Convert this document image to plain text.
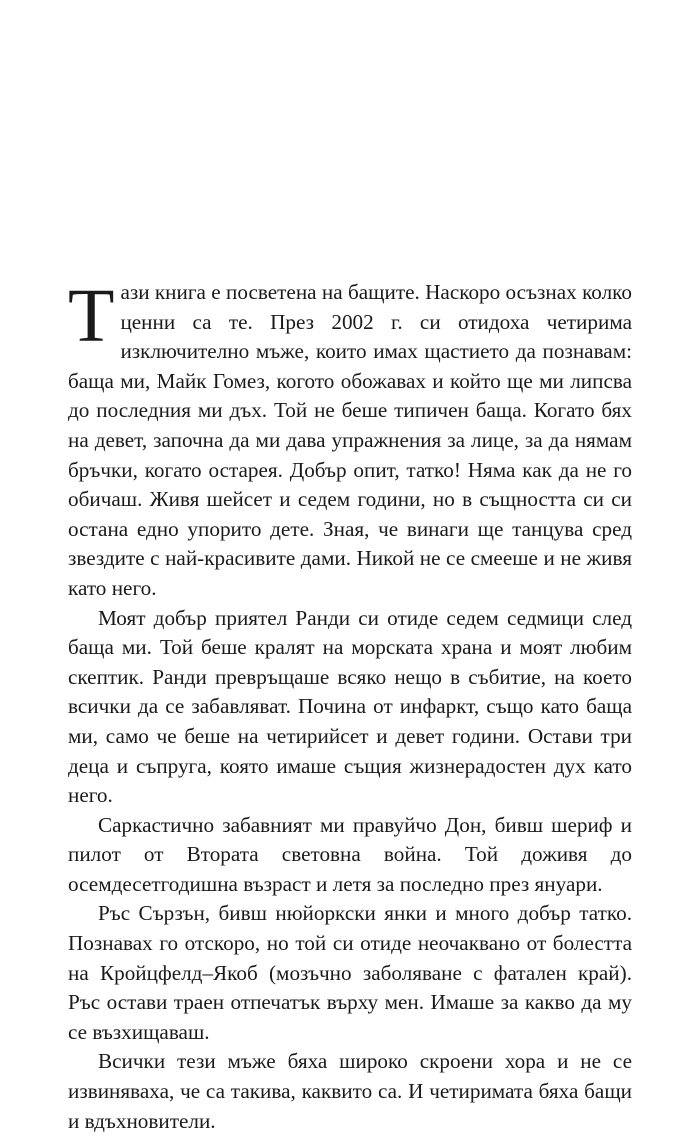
Тази книга е посветена на бащите. Наскоро осъзнах колко ценни са те. През 2002 г. си отидоха четирима изключително мъже, които имах щастието да познавам: баща ми, Майк Гомез, когото обожавах и който ще ми липсва до последния ми дъх. Той не беше типичен баща. Когато бях на девет, започна да ми дава упражнения за лице, за да нямам бръчки, когато остарея. Добър опит, татко! Няма как да не го обичаш. Живя шейсет и седем години, но в същността си си остана едно упорито дете. Зная, че винаги ще танцува сред звездите с най-красивите дами. Никой не се смееше и не живя като него.

Моят добър приятел Ранди си отиде седем седмици след баща ми. Той беше кралят на морската храна и моят любим скептик. Ранди превръщаше всяко нещо в събитие, на което всички да се забавляват. Почина от инфаркт, също като баща ми, само че беше на четирийсет и девет години. Остави три деца и съпруга, която имаше същия жизнерадостен дух като него.

Саркастично забавният ми правуйчо Дон, бивш шериф и пилот от Втората световна война. Той доживя до осемдесетгодишна възраст и летя за последно през януари.

Ръс Сързън, бивш нюйоркски янки и много добър татко. Познавах го отскоро, но той си отиде неочаквано от болестта на Кройцфелд–Якоб (мозъчно заболяване с фатален край). Ръс остави траен отпечатък върху мен. Имаше за какво да му се възхищаваш.

Всички тези мъже бяха широко скроени хора и не се извиняваха, че са такива, каквито са. И четиримата бяха бащи и вдъхновители.
